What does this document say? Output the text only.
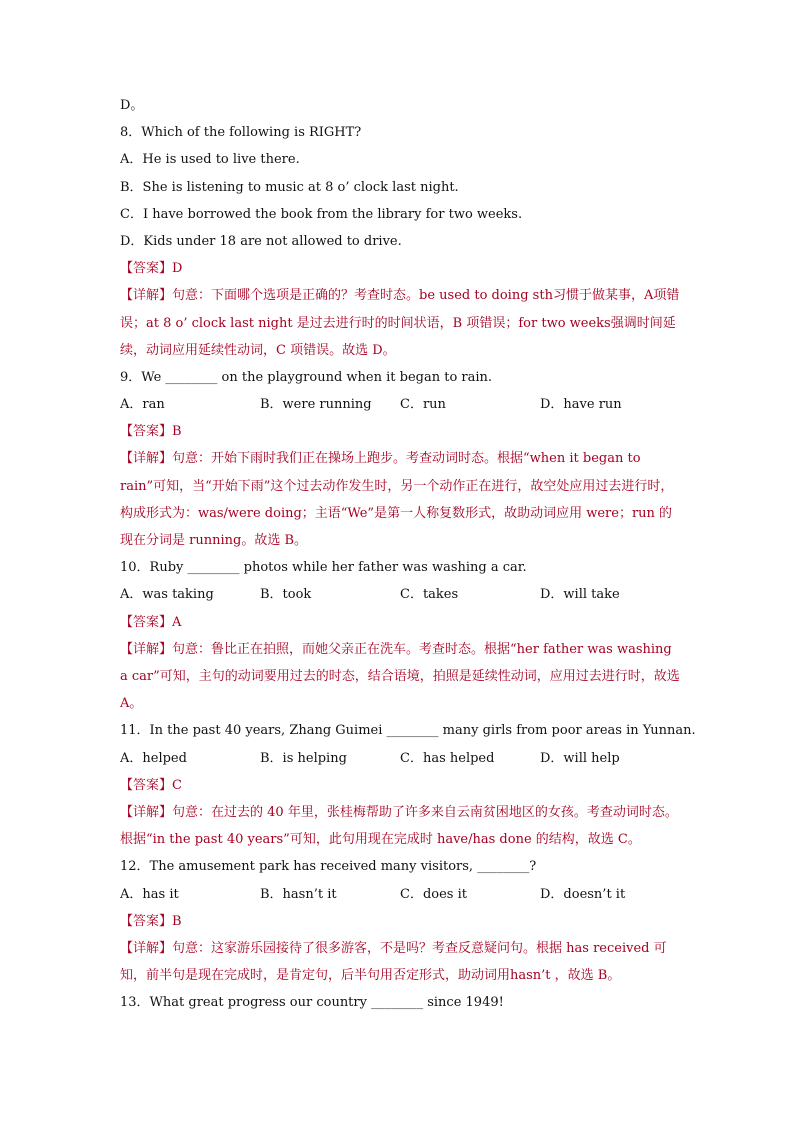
D。
8．Which of the following is RIGHT?
A．He is used to live there.
B．She is listening to music at 8 o’ clock last night.
C．I have borrowed the book from the library for two weeks.
D．Kids under 18 are not allowed to drive.
【答案】D
【详解】句意：下面哪个选项是正确的？考查时态。be used to doing sth习惯于做某事，A项错误；at 8 o’ clock last night 是过去进行时的时间状语，B 项错误；for two weeks强调时间延续，动词应用延续性动词，C 项错误。故选 D。
9．We ________ on the playground when it began to rain.
A．ran	B．were running	C．run	D．have run
【答案】B
【详解】句意：开始下雨时我们正在操场上跑步。考查动词时态。根据“when it began to rain”可知，当“开始下雨”这个过去动作发生时，另一个动作正在进行，故空处应用过去进行时，构成形式为：was/were doing；主语“We”是第一人称复数形式，故助动词应用 were；run 的现在分词是 running。故选 B。
10．Ruby ________ photos while her father was washing a car.
A．was taking	B．took	C．takes	D．will take
【答案】A
【详解】句意：鲁比正在拍照，而她父亲正在洗车。考查时态。根据“her father was washing a car”可知，主句的动词要用过去的时态，结合语境，拍照是延续性动词，应用过去进行时，故选 A。
11．In the past 40 years, Zhang Guimei ________ many girls from poor areas in Yunnan.
A．helped	B．is helping	C．has helped	D．will help
【答案】C
【详解】句意：在过去的 40 年里，张桂梅帮助了许多来自云南贫困地区的女孩。考查动词时态。根据“in the past 40 years”可知，此句用现在完成时 have/has done 的结构，故选 C。
12．The amusement park has received many visitors, ________?
A．has it	B．hasn’t it	C．does it	D．doesn’t it
【答案】B
【详解】句意：这家游乐园接待了很多游客，不是吗？考查反意疑问句。根据 has received 可知，前半句是现在完成时，是肯定句，后半句用否定形式，助动词用hasn’t ，故选 B。
13．What great progress our country ________ since 1949!
